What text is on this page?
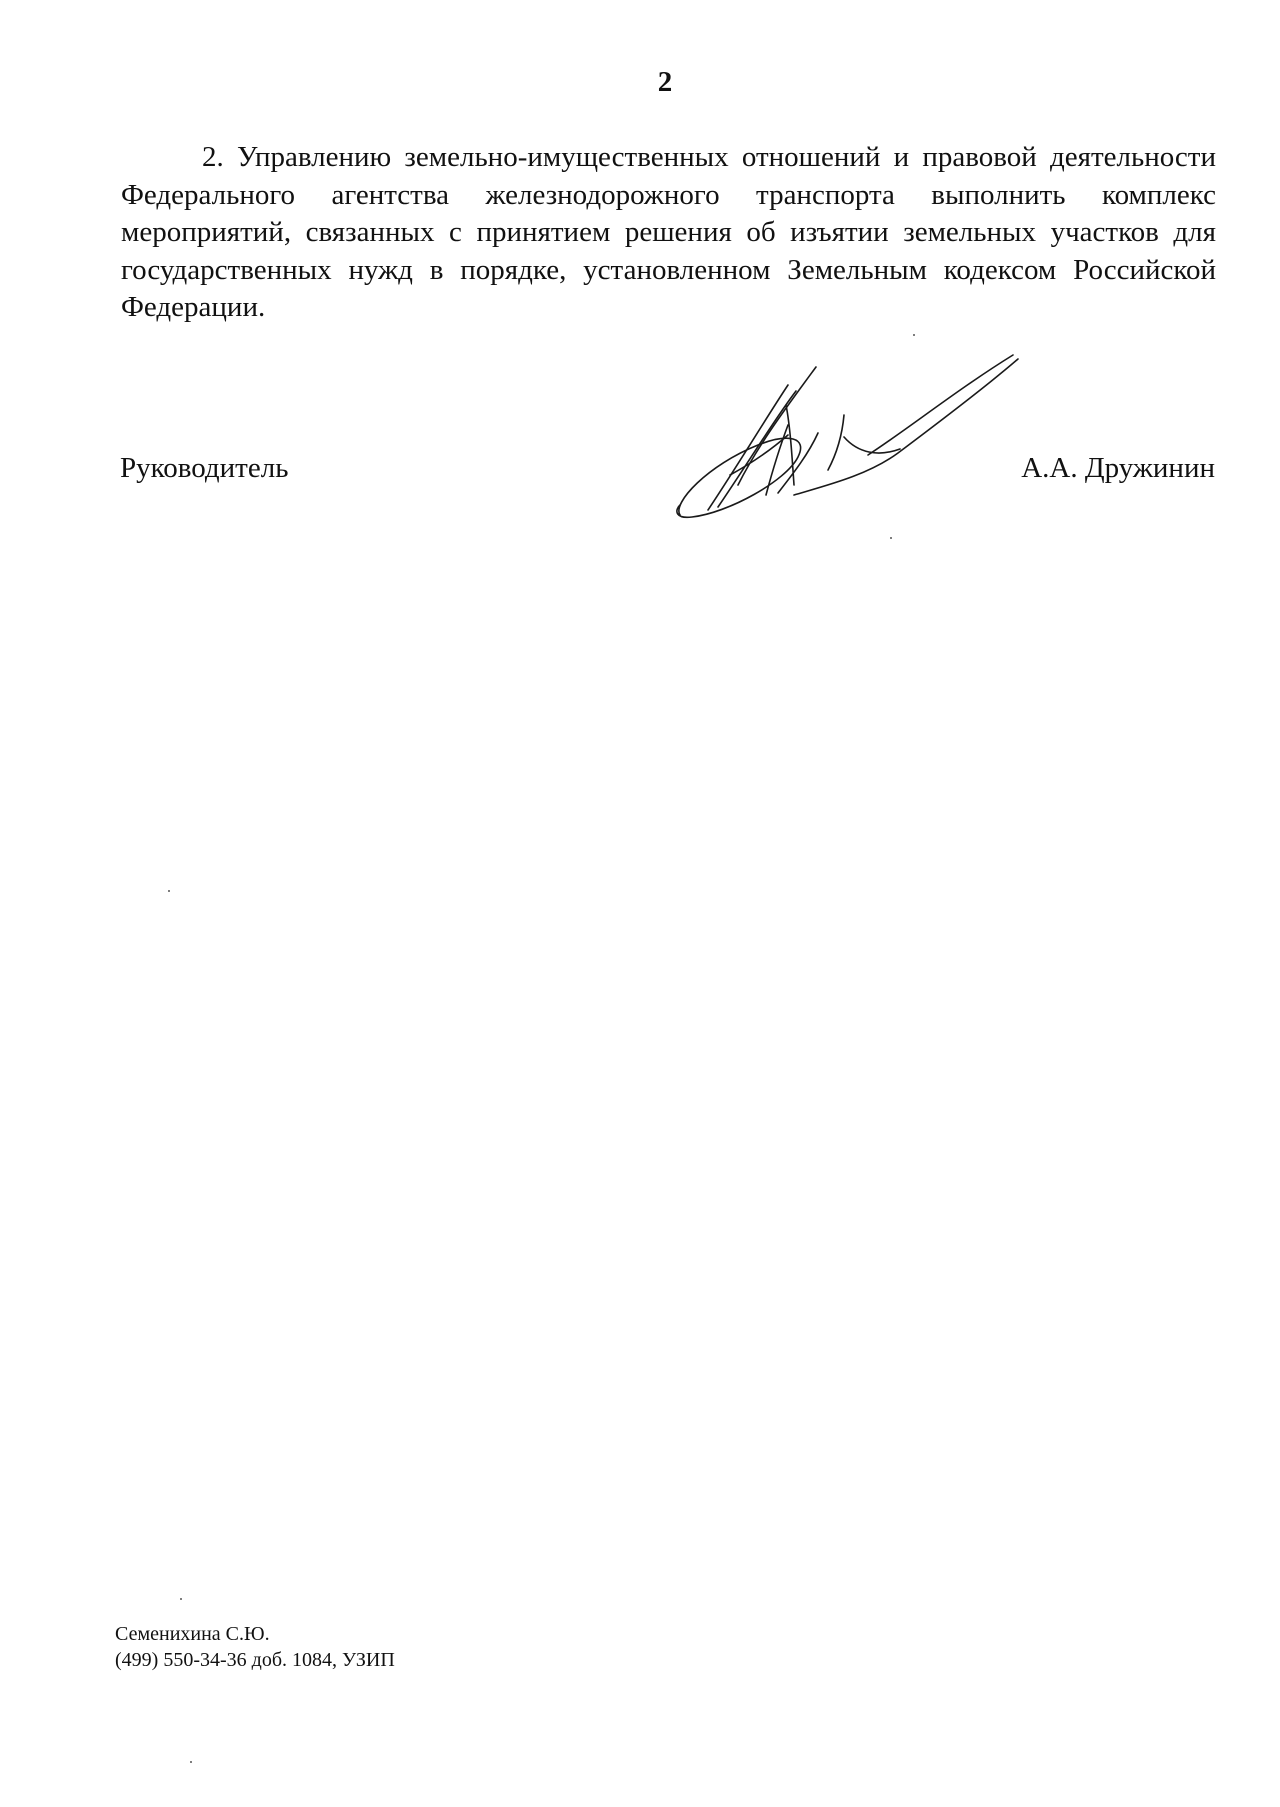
2

2. Управлению земельно-имущественных отношений и правовой деятельности Федерального агентства железнодорожного транспорта выполнить комплекс мероприятий, связанных с принятием решения об изъятии земельных участков для государственных нужд в порядке, установленном Земельным кодексом Российской Федерации.

Руководитель	А.А. Дружинин
Семенихина С.Ю.
(499) 550-34-36 доб. 1084, УЗИП
